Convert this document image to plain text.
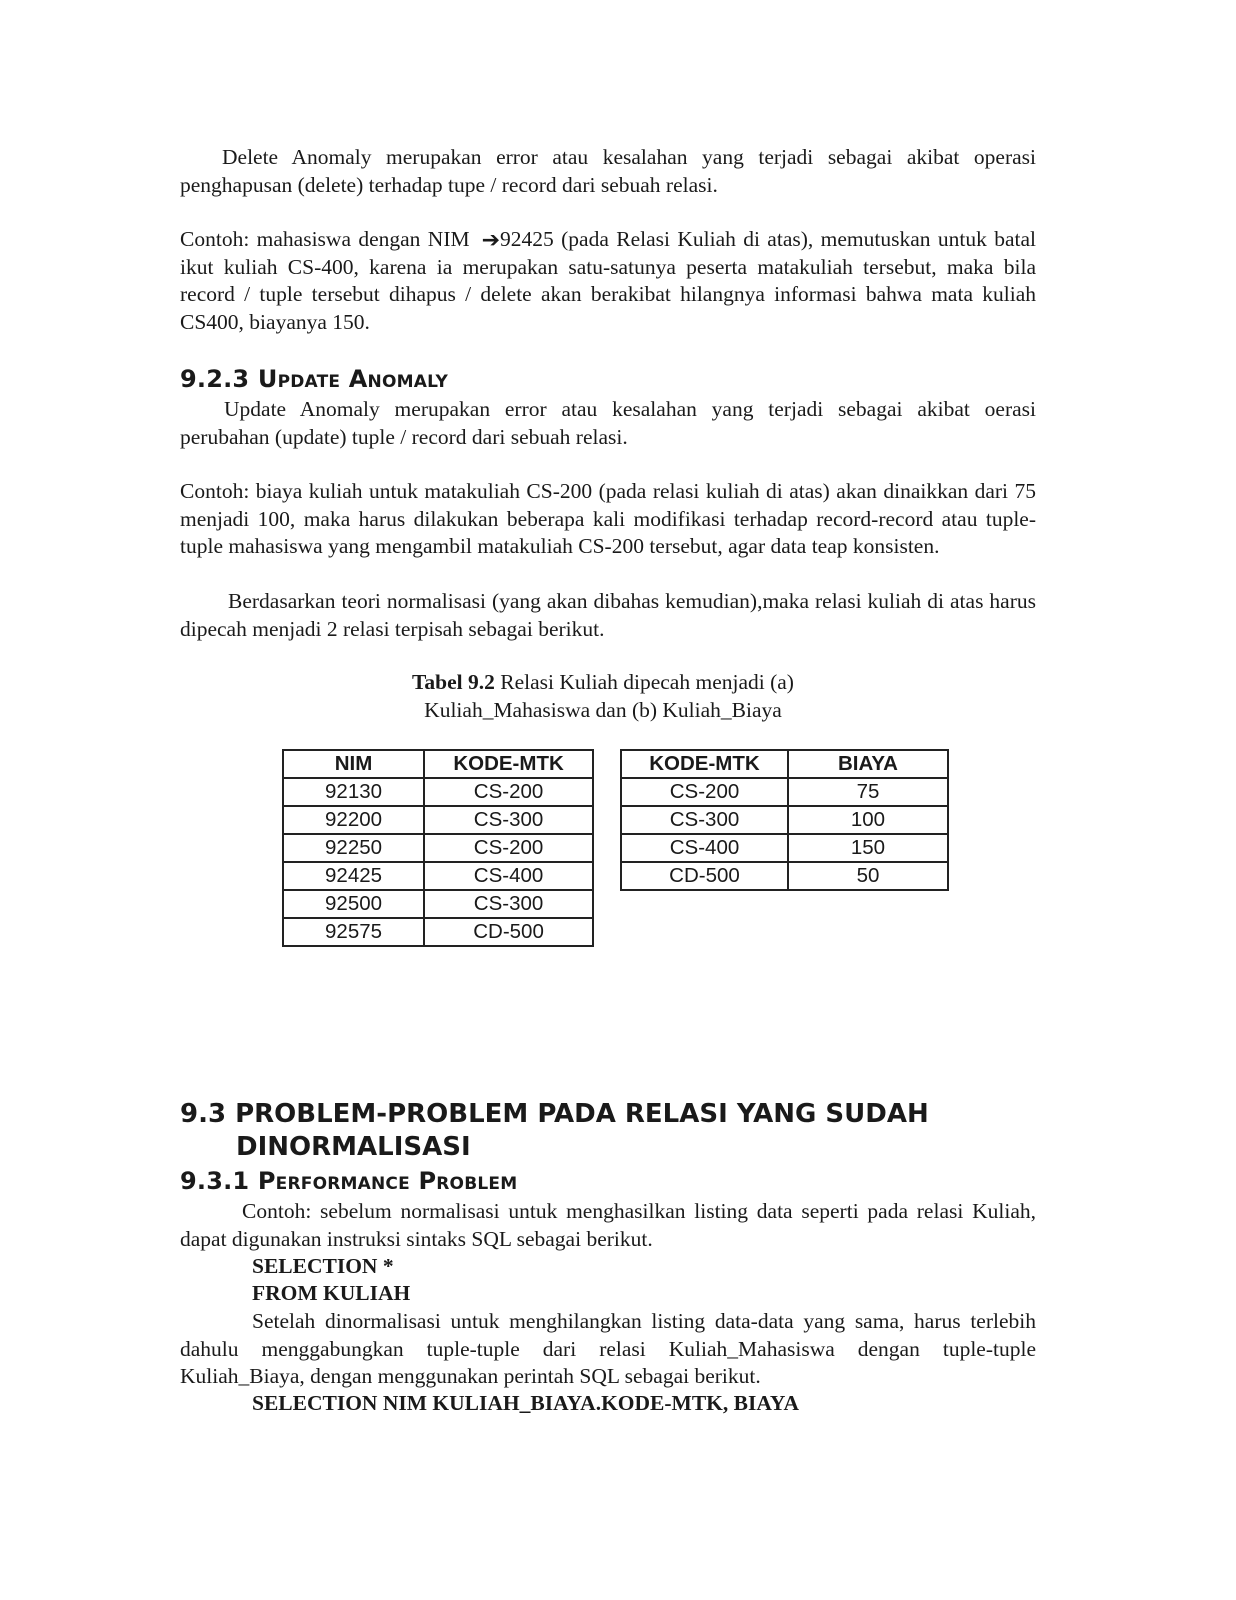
Delete Anomaly merupakan error atau kesalahan yang terjadi sebagai akibat operasi penghapusan (delete) terhadap tupe / record dari sebuah relasi.

Contoh: mahasiswa dengan NIM ➔92425 (pada Relasi Kuliah di atas), memutuskan untuk batal ikut kuliah CS-400, karena ia merupakan satu-satunya peserta matakuliah tersebut, maka bila record / tuple tersebut dihapus / delete akan berakibat hilangnya informasi bahwa mata kuliah CS400, biayanya 150.

9.2.3 Update Anomaly

Update Anomaly merupakan error atau kesalahan yang terjadi sebagai akibat oerasi perubahan (update) tuple / record dari sebuah relasi.

Contoh: biaya kuliah untuk matakuliah CS-200 (pada relasi kuliah di atas) akan dinaikkan dari 75 menjadi 100, maka harus dilakukan beberapa kali modifikasi terhadap record-record atau tuple-tuple mahasiswa yang mengambil matakuliah CS-200 tersebut, agar data teap konsisten.

Berdasarkan teori normalisasi (yang akan dibahas kemudian),maka relasi kuliah di atas harus dipecah menjadi 2 relasi terpisah sebagai berikut.

Tabel 9.2 Relasi Kuliah dipecah menjadi (a)
Kuliah_Mahasiswa dan (b) Kuliah_Biaya
NIM	KODE-MTK
92130	CS-200
92200	CS-300
92250	CS-200
92425	CS-400
92500	CS-300
92575	CD-500
KODE-MTK	BIAYA
CS-200	75
CS-300	100
CS-400	150
CD-500	50
9.3 PROBLEM-PROBLEM PADA RELASI YANG SUDAH
DINORMALISASI
9.3.1 Performance Problem

Contoh: sebelum normalisasi untuk menghasilkan listing data seperti pada relasi Kuliah, dapat digunakan instruksi sintaks SQL sebagai berikut.

SELECTION *

FROM KULIAH

Setelah dinormalisasi untuk menghilangkan listing data-data yang sama, harus terlebih dahulu menggabungkan tuple-tuple dari relasi Kuliah_Mahasiswa dengan tuple-tuple Kuliah_Biaya, dengan menggunakan perintah SQL sebagai berikut.

SELECTION NIM KULIAH_BIAYA.KODE-MTK, BIAYA
